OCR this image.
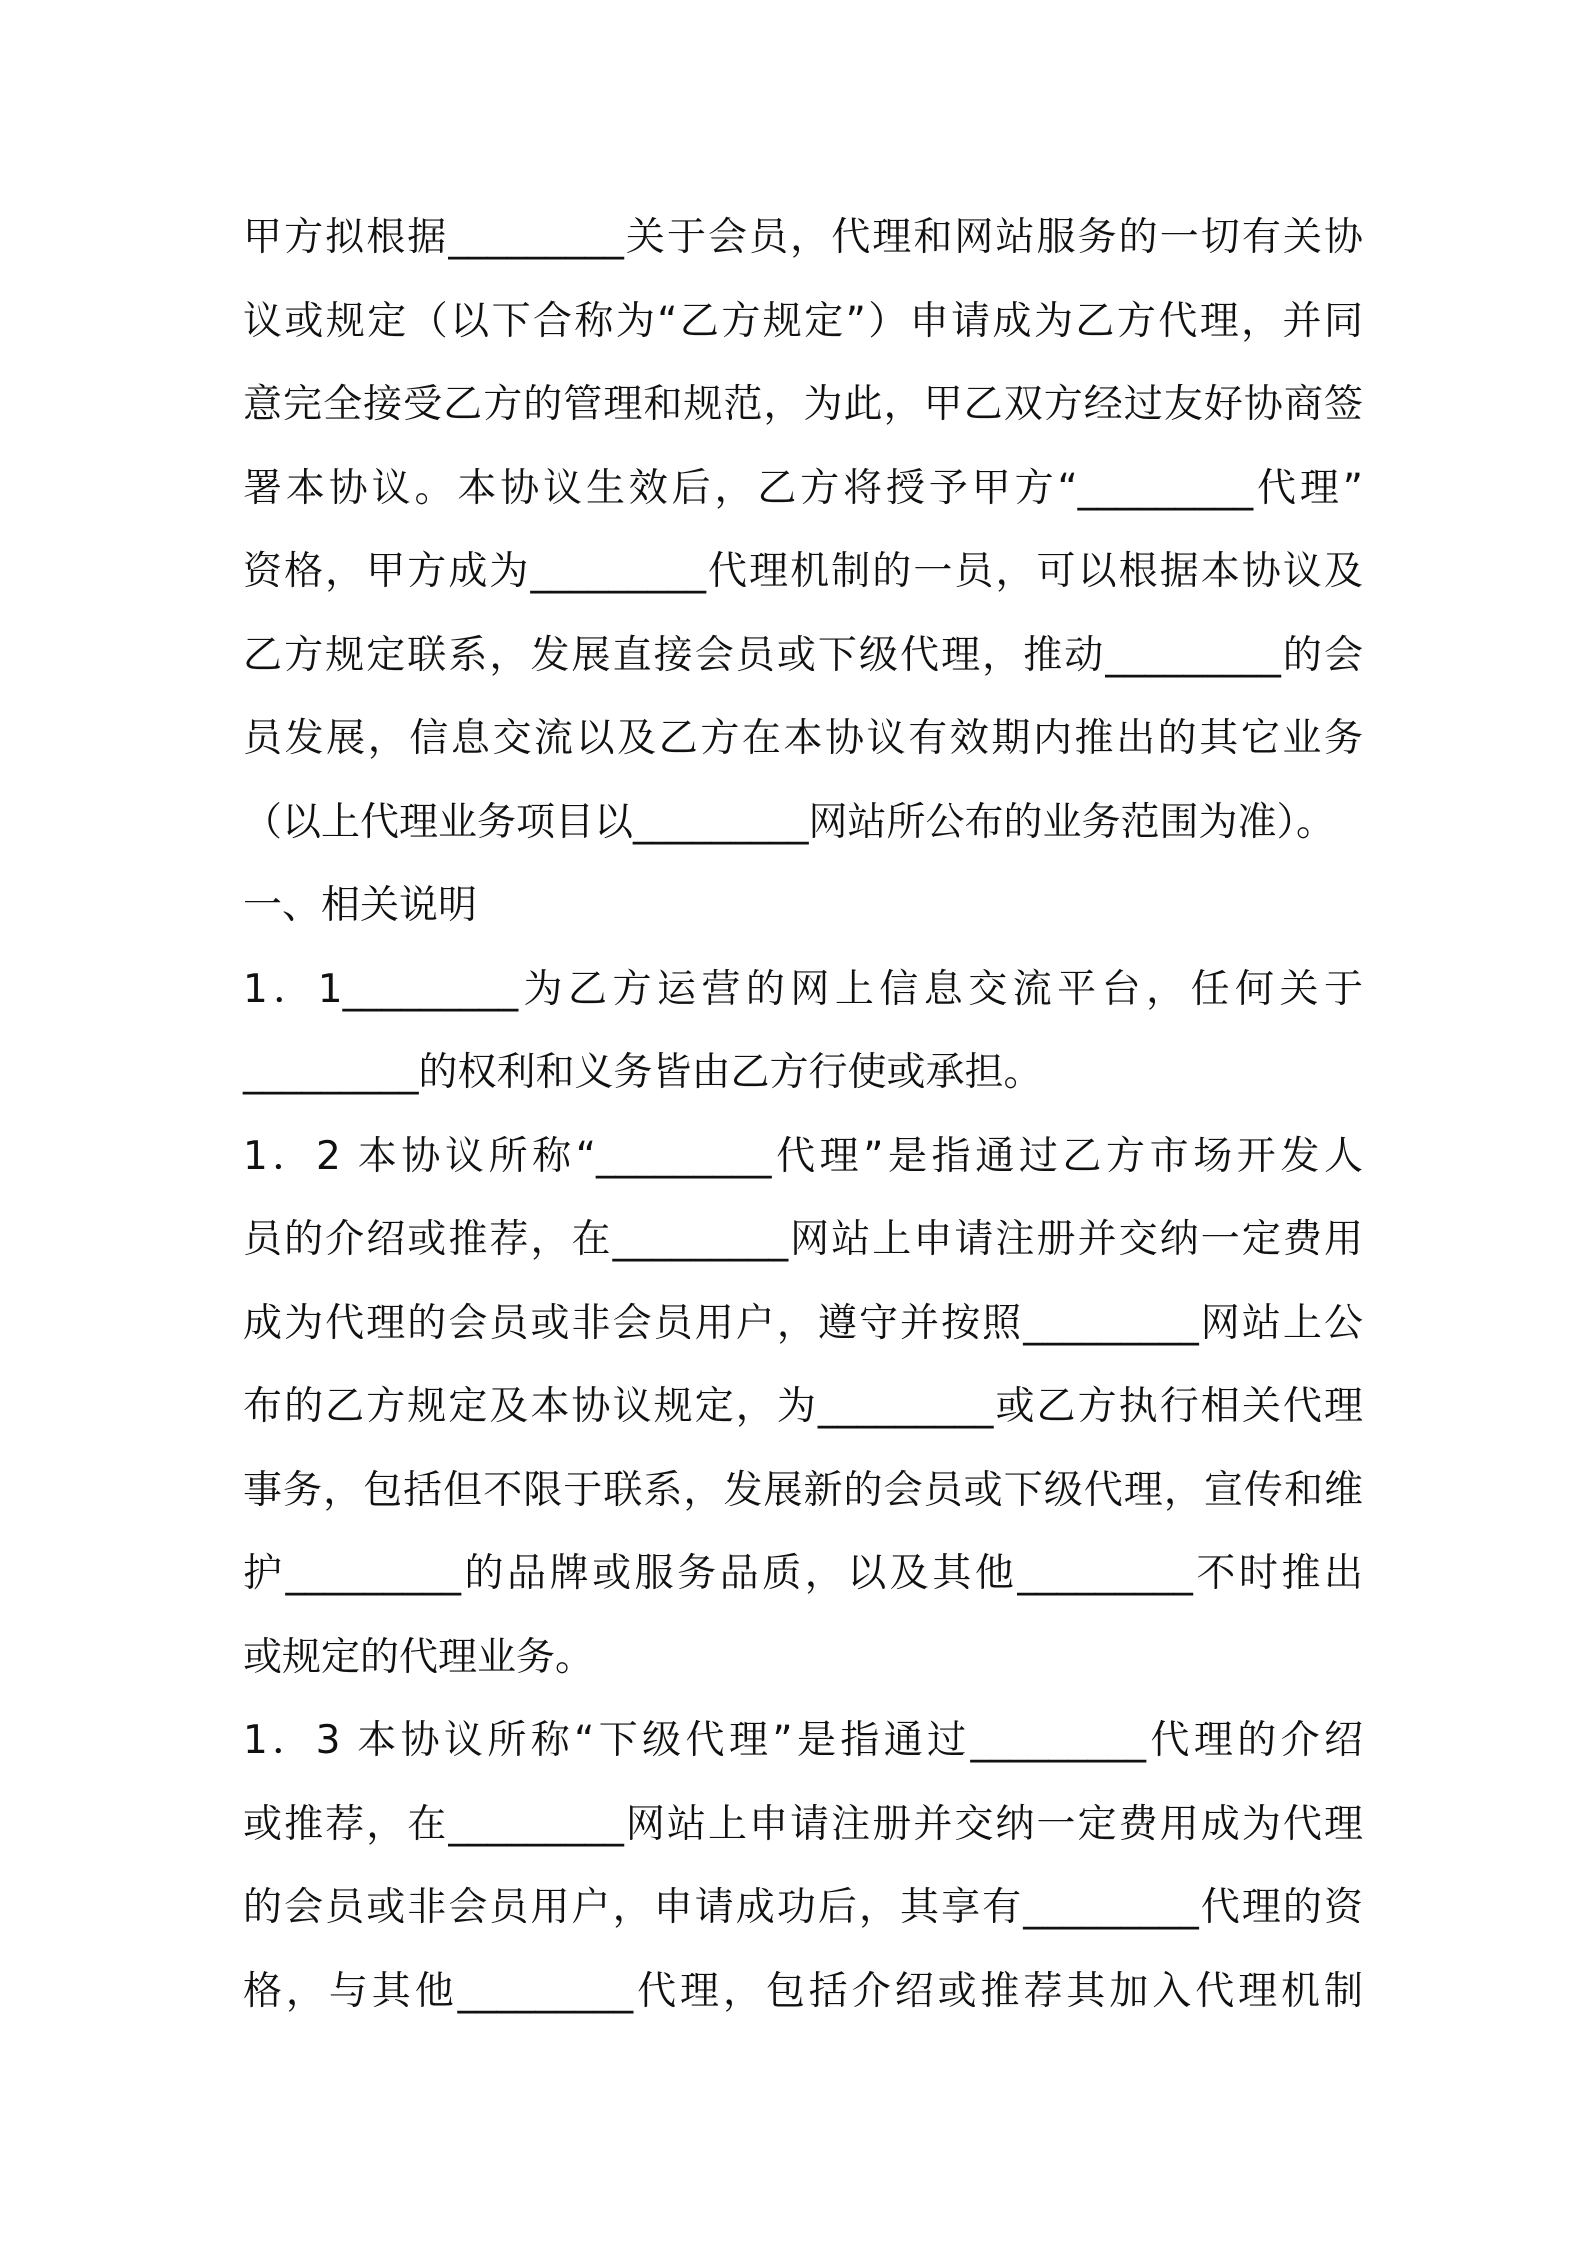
甲方拟根据_________关于会员，代理和网站服务的一切有关协
议或规定（以下合称为“乙方规定”）申请成为乙方代理，并同
意完全接受乙方的管理和规范，为此，甲乙双方经过友好协商签
署本协议。本协议生效后，乙方将授予甲方“_________代理”
资格，甲方成为_________代理机制的一员，可以根据本协议及
乙方规定联系，发展直接会员或下级代理，推动_________的会
员发展，信息交流以及乙方在本协议有效期内推出的其它业务
（以上代理业务项目以_________网站所公布的业务范围为准）。
一、相关说明
1．1_________为乙方运营的网上信息交流平台，任何关于
_________的权利和义务皆由乙方行使或承担。
1．2 本协议所称“_________代理”是指通过乙方市场开发人
员的介绍或推荐，在_________网站上申请注册并交纳一定费用
成为代理的会员或非会员用户，遵守并按照_________网站上公
布的乙方规定及本协议规定，为_________或乙方执行相关代理
事务，包括但不限于联系，发展新的会员或下级代理，宣传和维
护_________的品牌或服务品质，以及其他_________不时推出
或规定的代理业务。
1．3 本协议所称“下级代理”是指通过_________代理的介绍
或推荐，在_________网站上申请注册并交纳一定费用成为代理
的会员或非会员用户，申请成功后，其享有_________代理的资
格，与其他_________代理，包括介绍或推荐其加入代理机制
